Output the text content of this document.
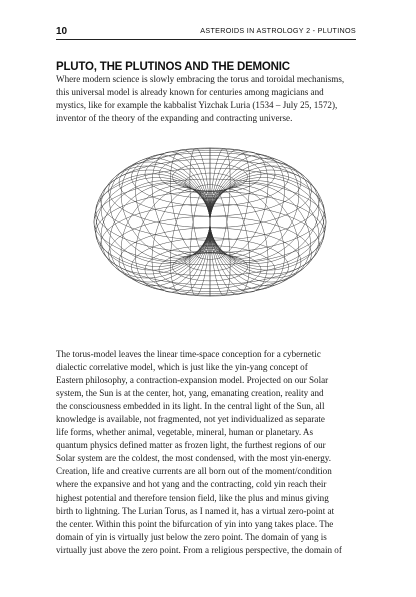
10	ASTEROIDS IN ASTROLOGY 2 - PLUTINOS
PLUTO, THE PLUTINOS AND THE DEMONIC
Where modern science is slowly embracing the torus and toroidal mechanisms,
this universal model is already known for centuries among magicians and
mystics, like for example the kabbalist Yizchak Luria (1534 – July 25, 1572),
inventor of the theory of the expanding and contracting universe.
The torus-model leaves the linear time-space conception for a cybernetic
dialectic correlative model, which is just like the yin-yang concept of
Eastern philosophy, a contraction-expansion model. Projected on our Solar
system, the Sun is at the center, hot, yang, emanating creation, reality and
the consciousness embedded in its light. In the central light of the Sun, all
knowledge is available, not fragmented, not yet individualized as separate
life forms, whether animal, vegetable, mineral, human or planetary. As
quantum physics defined matter as frozen light, the furthest regions of our
Solar system are the coldest, the most condensed, with the most yin-energy.
Creation, life and creative currents are all born out of the moment/condition
where the expansive and hot yang and the contracting, cold yin reach their
highest potential and therefore tension field, like the plus and minus giving
birth to lightning. The Lurian Torus, as I named it, has a virtual zero-point at
the center. Within this point the bifurcation of yin into yang takes place. The
domain of yin is virtually just below the zero point. The domain of yang is
virtually just above the zero point. From a religious perspective, the domain of
